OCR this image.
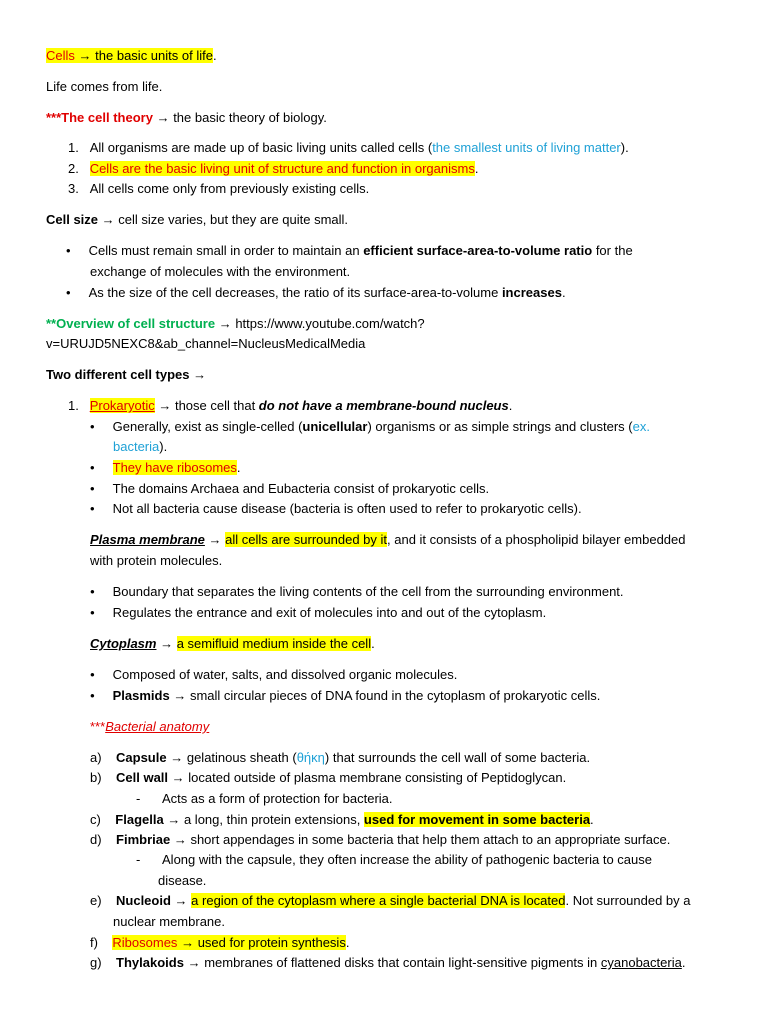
Cells → the basic units of life.
Life comes from life.
***The cell theory → the basic theory of biology.
1. All organisms are made up of basic living units called cells (the smallest units of living matter).
2. Cells are the basic living unit of structure and function in organisms.
3. All cells come only from previously existing cells.
Cell size → cell size varies, but they are quite small.
• Cells must remain small in order to maintain an efficient surface-area-to-volume ratio for the
exchange of molecules with the environment.
• As the size of the cell decreases, the ratio of its surface-area-to-volume increases.
**Overview of cell structure → https://www.youtube.com/watch?
v=URUJD5NEXC8&ab_channel=NucleusMedicalMedia
Two different cell types →
1. Prokaryotic → those cell that do not have a membrane-bound nucleus.
• Generally, exist as single-celled (unicellular) organisms or as simple strings and clusters (ex.
bacteria).
• They have ribosomes.
• The domains Archaea and Eubacteria consist of prokaryotic cells.
• Not all bacteria cause disease (bacteria is often used to refer to prokaryotic cells).
Plasma membrane → all cells are surrounded by it, and it consists of a phospholipid bilayer embedded
with protein molecules.
• Boundary that separates the living contents of the cell from the surrounding environment.
• Regulates the entrance and exit of molecules into and out of the cytoplasm.
Cytoplasm → a semifluid medium inside the cell.
• Composed of water, salts, and dissolved organic molecules.
• Plasmids → small circular pieces of DNA found in the cytoplasm of prokaryotic cells.
***Bacterial anatomy
a) Capsule → gelatinous sheath (θήκη) that surrounds the cell wall of some bacteria.
b) Cell wall → located outside of plasma membrane consisting of Peptidoglycan.
- Acts as a form of protection for bacteria.
c) Flagella → a long, thin protein extensions, used for movement in some bacteria.
d) Fimbriae → short appendages in some bacteria that help them attach to an appropriate surface.
- Along with the capsule, they often increase the ability of pathogenic bacteria to cause
disease.
e) Nucleoid → a region of the cytoplasm where a single bacterial DNA is located. Not surrounded by a
nuclear membrane.
f) Ribosomes → used for protein synthesis.
g) Thylakoids → membranes of flattened disks that contain light-sensitive pigments in cyanobacteria.
